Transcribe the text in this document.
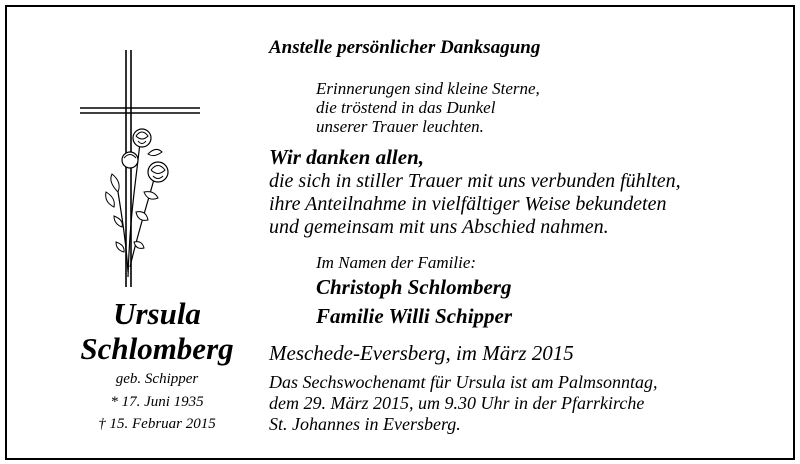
Ursula
Schlomberg
geb. Schipper
* 17. Juni 1935
† 15. Februar 2015
Anstelle persönlicher Danksagung
Erinnerungen sind kleine Sterne,
die tröstend in das Dunkel
unserer Trauer leuchten.
Wir danken allen,
die sich in stiller Trauer mit uns verbunden fühlten,
ihre Anteilnahme in vielfältiger Weise bekundeten
und gemeinsam mit uns Abschied nahmen.
Im Namen der Familie:
Christoph Schlomberg
Familie Willi Schipper
Meschede-Eversberg, im März 2015
Das Sechswochenamt für Ursula ist am Palmsonntag,
dem 29. März 2015, um 9.30 Uhr in der Pfarrkirche
St. Johannes in Eversberg.
